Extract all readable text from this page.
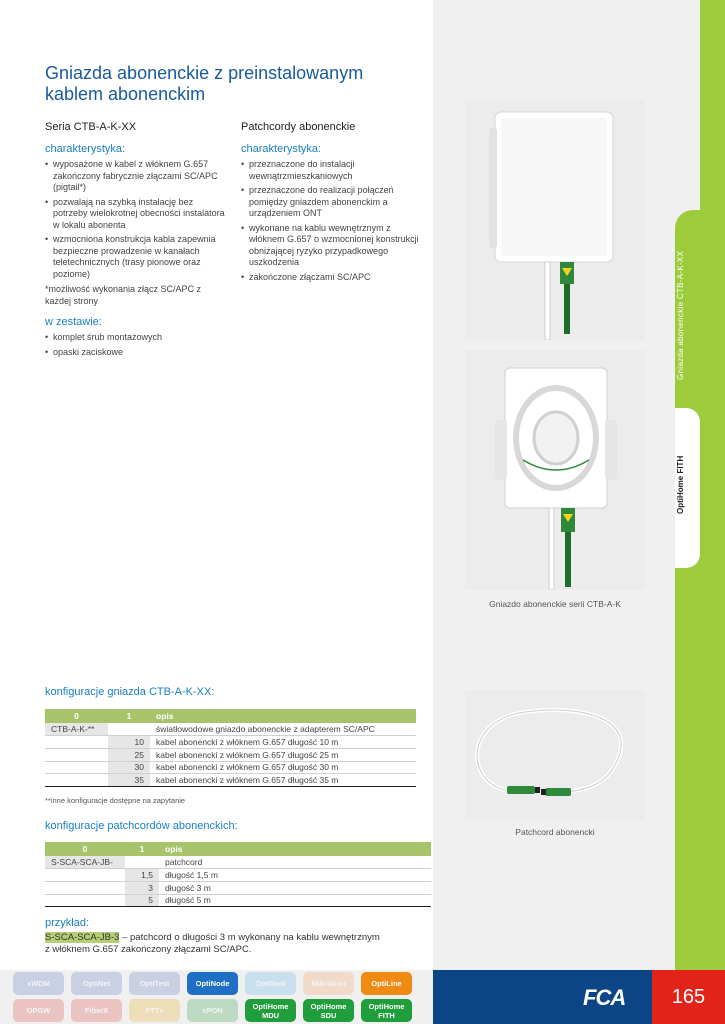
Gniazda abonenckie CTB-A-K-XX
OptiHome FITH
Gniazda abonenckie z preinstalowanym kablem abonenckim
Seria CTB-A-K-XX
charakterystyka:
• wyposażone w kabel z włóknem G.657 zakończony fabrycznie złączami SC/APC (pigtail*)
• pozwalają na szybką instalację bez potrzeby wielokrotnej obecności instalatora w lokalu abonenta
• wzmocniona konstrukcja kabla zapewnia bezpieczne prowadzenie w kanałach teletechnicznych (trasy pionowe oraz poziome)
*możliwość wykonania złącz SC/APC z każdej strony
w zestawie:
• komplet śrub montażowych
• opaski zaciskowe
Patchcordy abonenckie
charakterystyka:
• przeznaczone do instalacji wewnątrzmieszkaniowych
• przeznaczone do realizacji połączeń pomiędzy gniazdem abonenckim a urządzeniem ONT
• wykonane na kablu wewnętrznym z włóknem G.657 o wzmocnionej konstrukcji obniżającej ryzyko przypadkowego uszkodzenia
• zakończone złączami SC/APC
Gniazdo abonenckie serii CTB-A-K
Patchcord abonencki
konfiguracje gniazda CTB-A-K-XX:
0	1	opis
CTB-A-K-**		światłowodowe gniazdo abonenckie z adapterem SC/APC
	10	kabel abonencki z włóknem G.657 długość 10 m
	25	kabel abonencki z włóknem G.657 długość 25 m
	30	kabel abonencki z włóknem G.657 długość 30 m
	35	kabel abonencki z włóknem G.657 długość 35 m
**inne konfiguracje dostępne na zapytanie
konfiguracje patchcordów abonenckich:
0	1	opis
S-SCA-SCA-JB-		patchcord
	1,5	długość 1,5 m
	3	długość 3 m
	5	długość 5 m
przykład:
S-SCA-SCA-JB-3 – patchcord o długości 3 m wykonany na kablu wewnętrznym
z włóknem G.657 zakończony złączami SC/APC.
FCA	165
xWDM	OptiNet	OptiTest	OptiNode	OptiSwit	MikroKan	OptiLine
OPGW	FiberX	FTTx	xPON	OptiHome
MDU
OptiHome
SDU
OptiHome
FITH
